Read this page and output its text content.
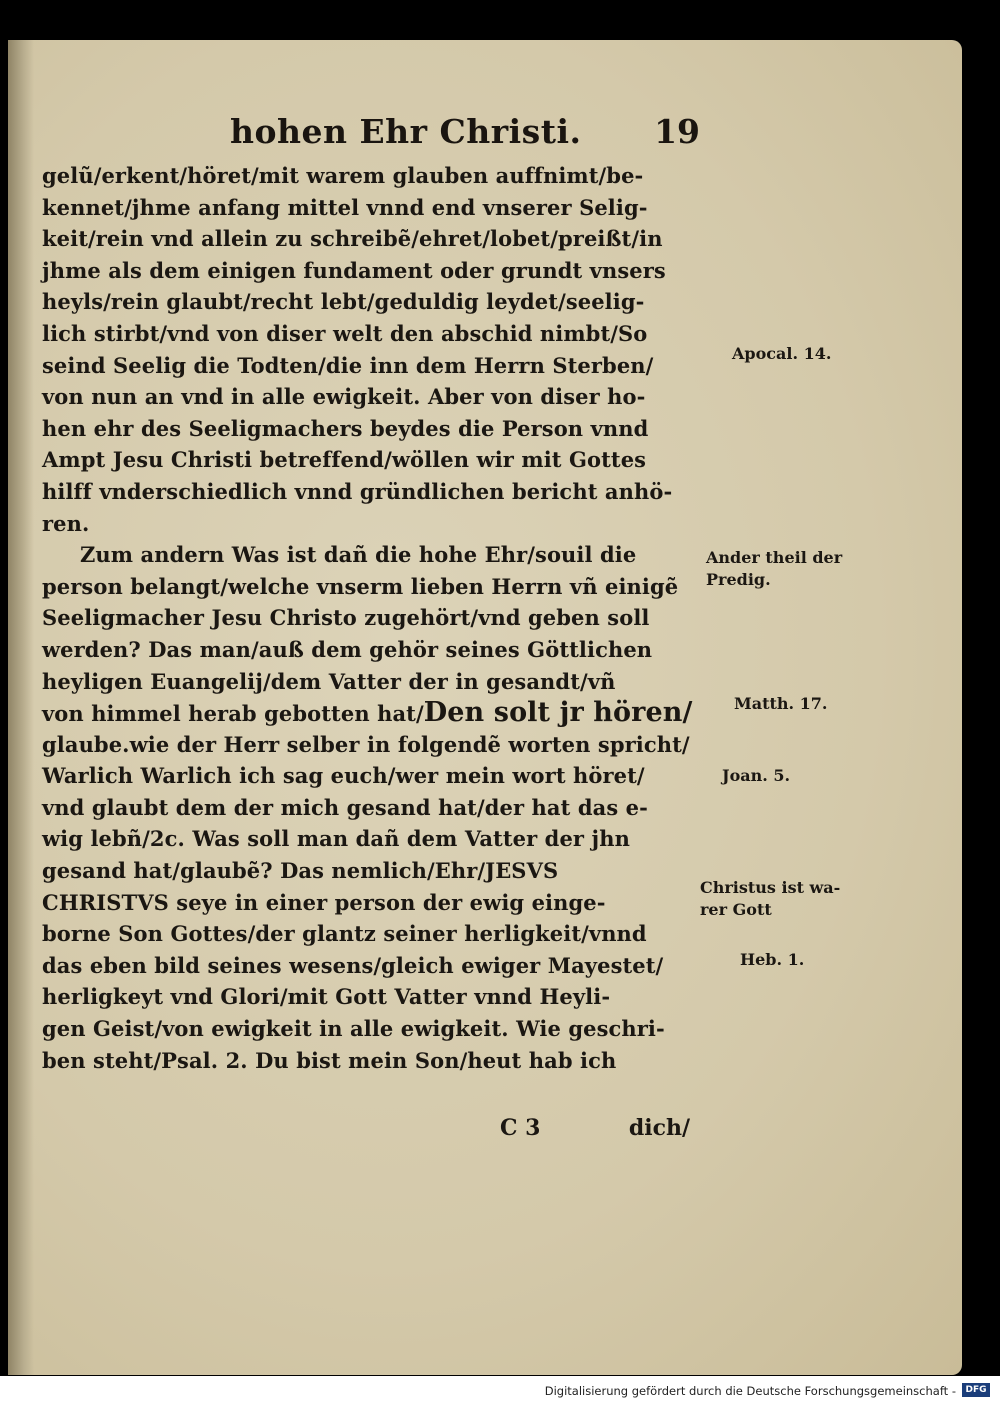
hohen Ehr Christi. 19
gelũ/erkent/höret/mit warem glauben auffnimt/be-
kennet/jhme anfang mittel vnnd end vnserer Selig-
keit/rein vnd allein zu schreibẽ/ehret/lobet/preißt/in
jhme als dem einigen fundament oder grundt vnsers
heyls/rein glaubt/recht lebt/geduldig leydet/seelig-
lich stirbt/vnd von diser welt den abschid nimbt/So
seind Seelig die Todten/die inn dem Herrn Sterben/
von nun an vnd in alle ewigkeit. Aber von diser ho-
hen ehr des Seeligmachers beydes die Person vnnd
Ampt Jesu Christi betreffend/wöllen wir mit Gottes
hilff vnderschiedlich vnnd gründlichen bericht anhö-
ren.
Zum andern Was ist dañ die hohe Ehr/souil die
person belangt/welche vnserm lieben Herrn vñ einigẽ
Seeligmacher Jesu Christo zugehört/vnd geben soll
werden? Das man/auß dem gehör seines Göttlichen
heyligen Euangelij/dem Vatter der in gesandt/vñ
von himmel herab gebotten hat/Den solt jr hören/
glaube.wie der Herr selber in folgendẽ worten spricht/
Warlich Warlich ich sag euch/wer mein wort höret/
vnd glaubt dem der mich gesand hat/der hat das e-
wig lebñ/2c. Was soll man dañ dem Vatter der jhn
gesand hat/glaubẽ? Das nemlich/Ehr/JESVS
CHRISTVS seye in einer person der ewig einge-
borne Son Gottes/der glantz seiner herligkeit/vnnd
das eben bild seines wesens/gleich ewiger Mayestet/
herligkeyt vnd Glori/mit Gott Vatter vnnd Heyli-
gen Geist/von ewigkeit in alle ewigkeit. Wie geschri-
ben steht/Psal. 2. Du bist mein Son/heut hab ich
C 3	dich/
Apocal. 14.
Ander theil der
Predig.
Matth. 17.
Joan. 5.
Christus ist wa-
rer Gott
Heb. 1.
Digitalisierung gefördert durch die Deutsche Forschungsgemeinschaft -	DFG
